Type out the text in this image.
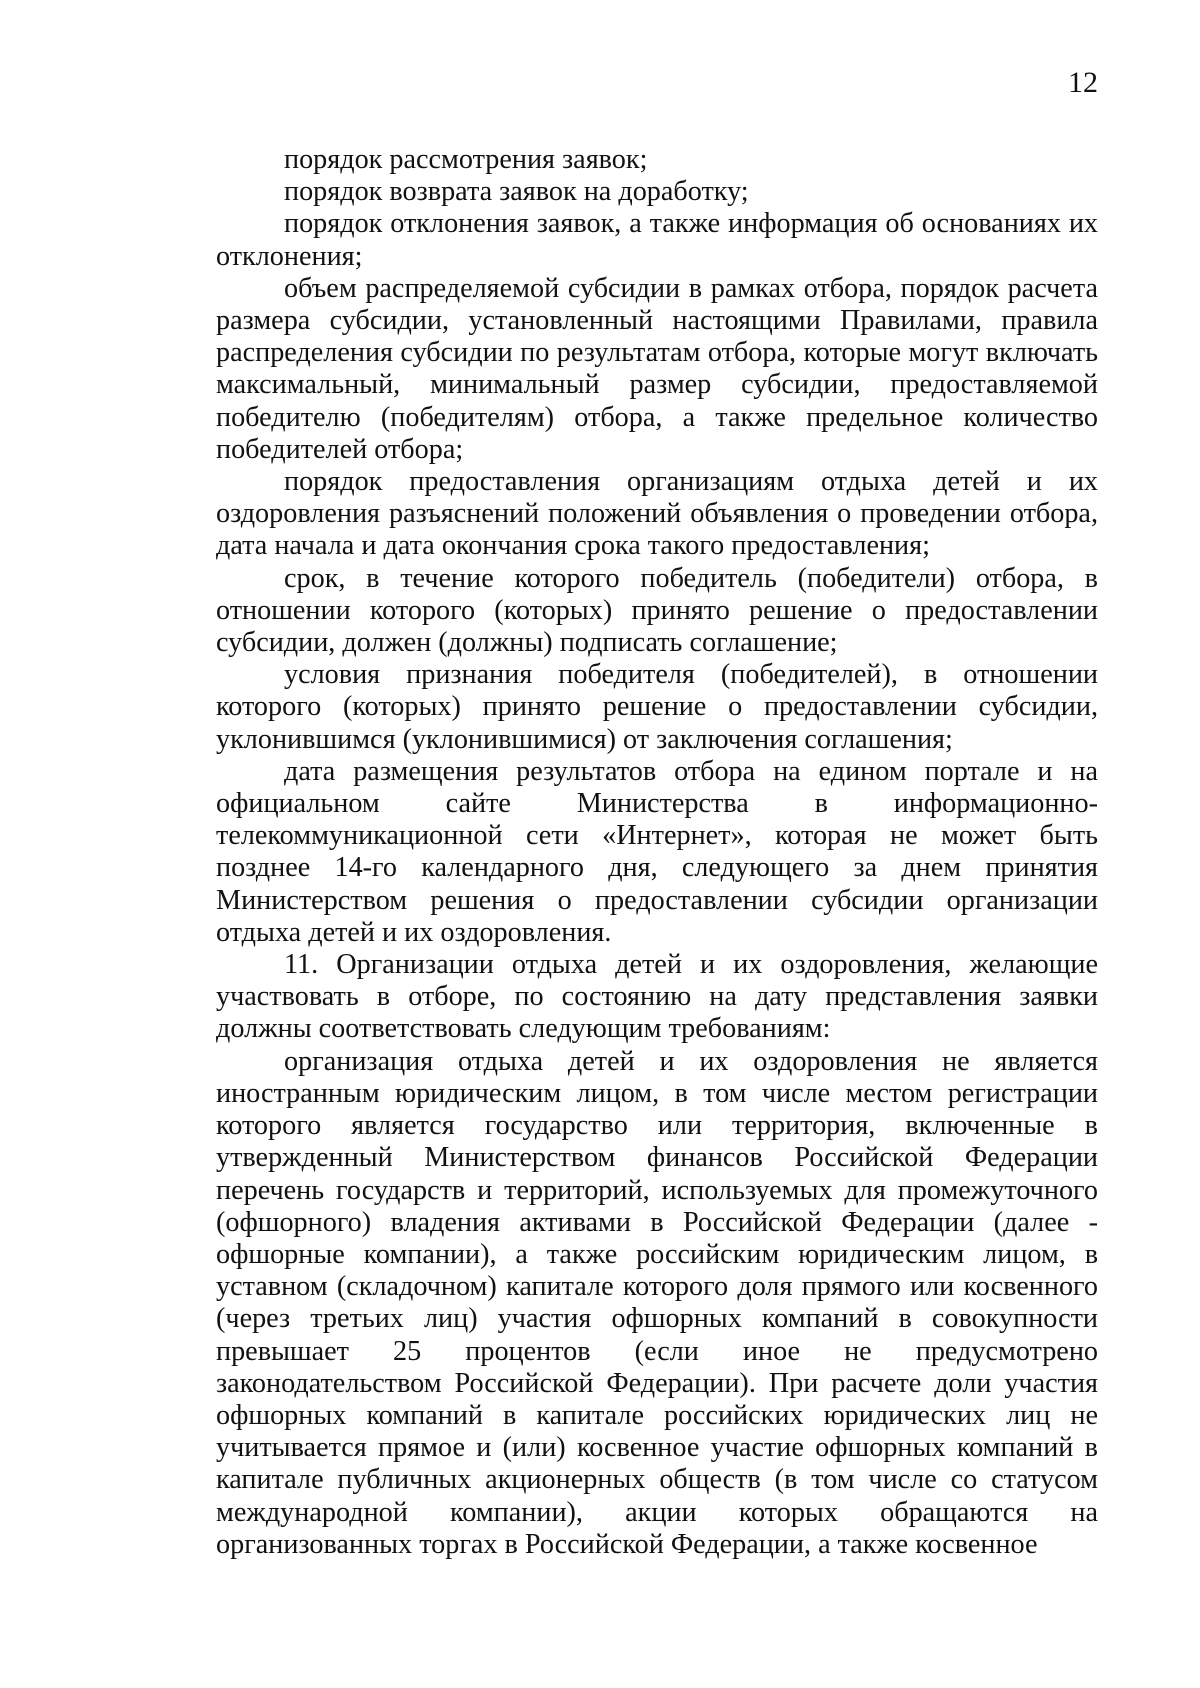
12

порядок рассмотрения заявок;

порядок возврата заявок на доработку;

порядок отклонения заявок, а также информация об основаниях их отклонения;

объем распределяемой субсидии в рамках отбора, порядок расчета размера субсидии, установленный настоящими Правилами, правила распределения субсидии по результатам отбора, которые могут включать максимальный, минимальный размер субсидии, предоставляемой победителю (победителям) отбора, а также предельное количество победителей отбора;

порядок предоставления организациям отдыха детей и их оздоровления разъяснений положений объявления о проведении отбора, дата начала и дата окончания срока такого предоставления;

срок, в течение которого победитель (победители) отбора, в отношении которого (которых) принято решение о предоставлении субсидии, должен (должны) подписать соглашение;

условия признания победителя (победителей), в отношении которого (которых) принято решение о предоставлении субсидии, уклонившимся (уклонившимися) от заключения соглашения;

дата размещения результатов отбора на едином портале и на официальном сайте Министерства в информационно-телекоммуникационной сети «Интернет», которая не может быть позднее 14-го календарного дня, следующего за днем принятия Министерством решения о предоставлении субсидии организации отдыха детей и их оздоровления.

11. Организации отдыха детей и их оздоровления, желающие участвовать в отборе, по состоянию на дату представления заявки должны соответствовать следующим требованиям:

организация отдыха детей и их оздоровления не является иностранным юридическим лицом, в том числе местом регистрации которого является государство или территория, включенные в утвержденный Министерством финансов Российской Федерации перечень государств и территорий, используемых для промежуточного (офшорного) владения активами в Российской Федерации (далее - офшорные компании), а также российским юридическим лицом, в уставном (складочном) капитале которого доля прямого или косвенного (через третьих лиц) участия офшорных компаний в совокупности превышает 25 процентов (если иное не предусмотрено законодательством Российской Федерации). При расчете доли участия офшорных компаний в капитале российских юридических лиц не учитывается прямое и (или) косвенное участие офшорных компаний в капитале публичных акционерных обществ (в том числе со статусом международной компании), акции которых обращаются на организованных торгах в Российской Федерации, а также косвенное
